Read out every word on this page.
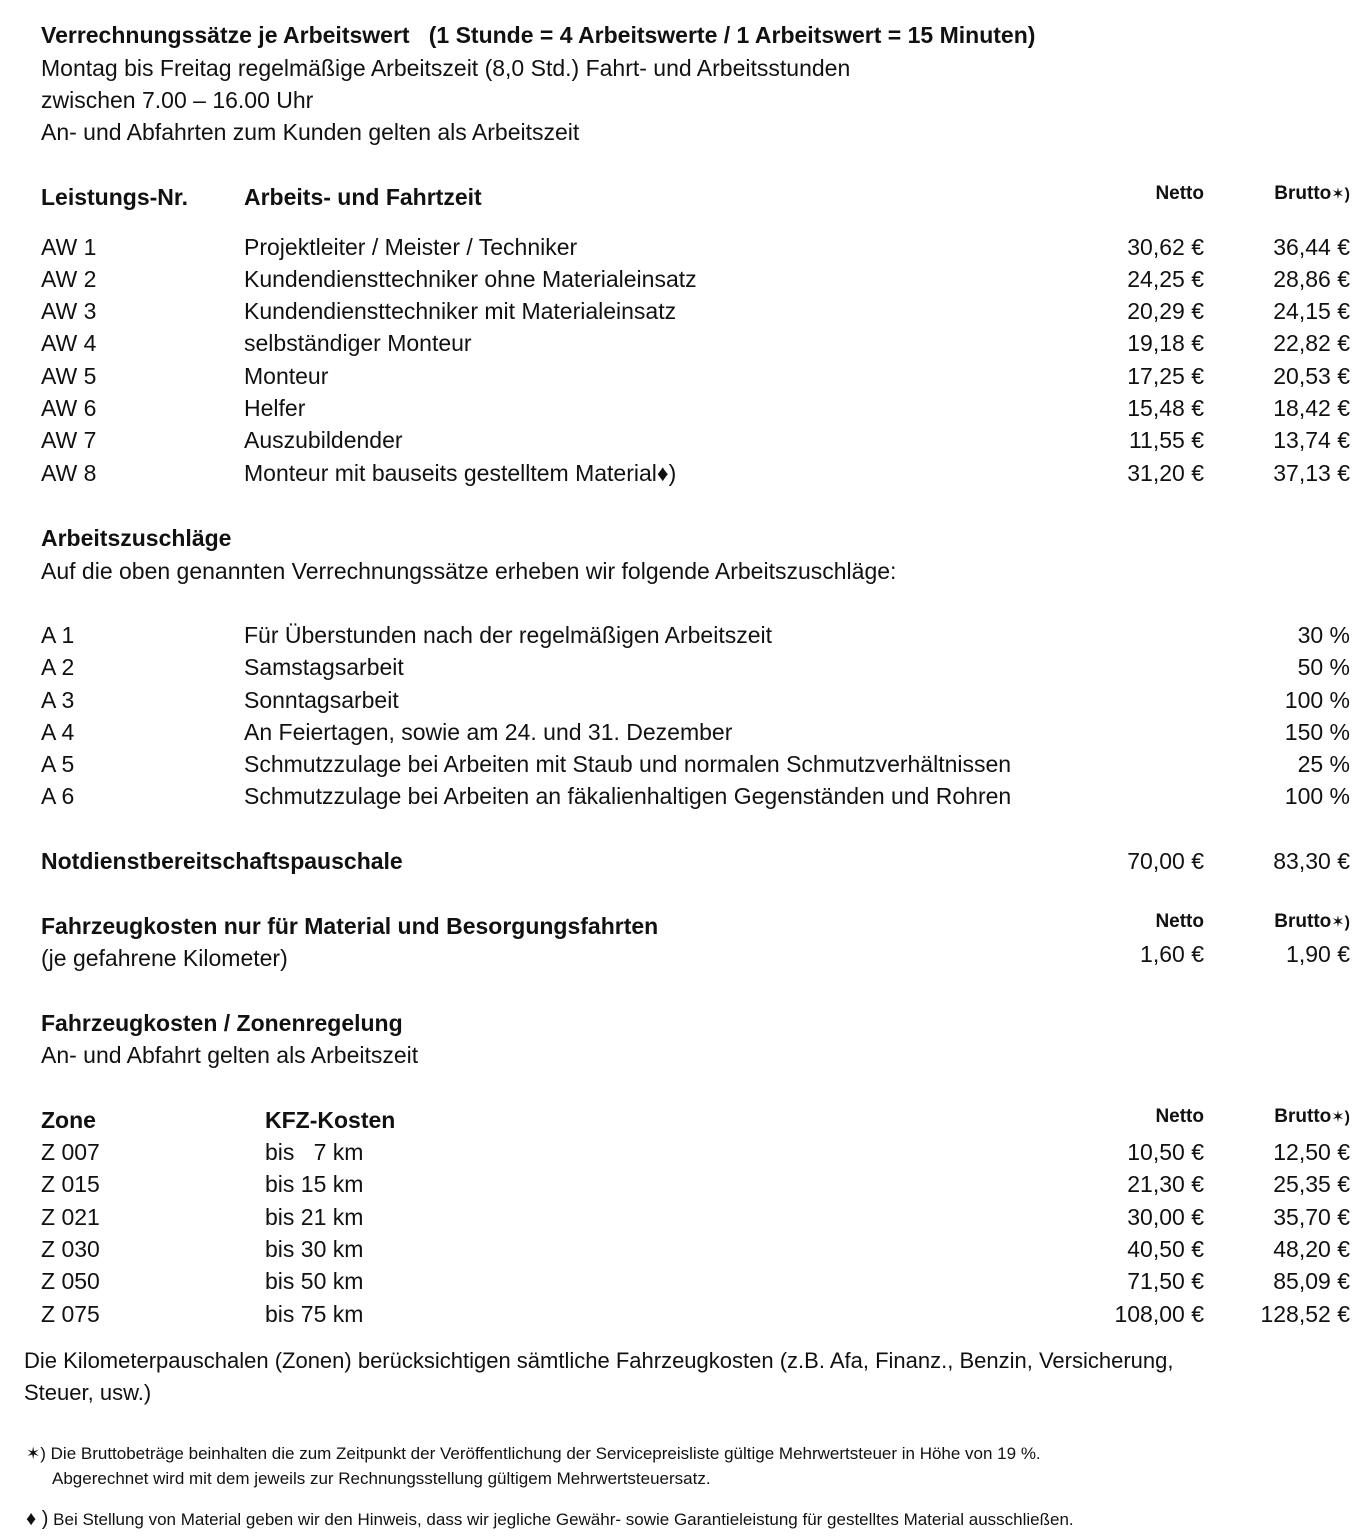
Verrechnungssätze je Arbeitswert (1 Stunde = 4 Arbeitswerte / 1 Arbeitswert = 15 Minuten)
Montag bis Freitag regelmäßige Arbeitszeit (8,0 Std.) Fahrt- und Arbeitsstunden
zwischen 7.00 – 16.00 Uhr
An- und Abfahrten zum Kunden gelten als Arbeitszeit
Leistungs-Nr. Arbeits- und Fahrtzeit	Netto	Brutto✶)
AW 1	Projektleiter / Meister / Techniker	30,62 €	36,44 €
AW 2	Kundendiensttechniker ohne Materialeinsatz	24,25 €	28,86 €
AW 3	Kundendiensttechniker mit Materialeinsatz	20,29 €	24,15 €
AW 4	selbständiger Monteur	19,18 €	22,82 €
AW 5	Monteur	17,25 €	20,53 €
AW 6	Helfer	15,48 €	18,42 €
AW 7	Auszubildender	11,55 €	13,74 €
AW 8	Monteur mit bauseits gestelltem Material♦)	31,20 €	37,13 €
Arbeitszuschläge
Auf die oben genannten Verrechnungssätze erheben wir folgende Arbeitszuschläge:
A 1	Für Überstunden nach der regelmäßigen Arbeitszeit	30 %
A 2	Samstagsarbeit	50 %
A 3	Sonntagsarbeit	100 %
A 4	An Feiertagen, sowie am 24. und 31. Dezember	150 %
A 5	Schmutzzulage bei Arbeiten mit Staub und normalen Schmutzverhältnissen	25 %
A 6	Schmutzzulage bei Arbeiten an fäkalienhaltigen Gegenständen und Rohren	100 %
Notdienstbereitschaftspauschale	70,00 €	83,30 €
Fahrzeugkosten nur für Material und Besorgungsfahrten	Netto	Brutto✶)
(je gefahrene Kilometer)	1,60 €	1,90 €
Fahrzeugkosten / Zonenregelung
An- und Abfahrt gelten als Arbeitszeit
Zone	KFZ-Kosten	Netto	Brutto✶)
Z 007	bis   7 km	10,50 €	12,50 €
Z 015	bis 15 km	21,30 €	25,35 €
Z 021	bis 21 km	30,00 €	35,70 €
Z 030	bis 30 km	40,50 €	48,20 €
Z 050	bis 50 km	71,50 €	85,09 €
Z 075	bis 75 km	108,00 €	128,52 €
Die Kilometerpauschalen (Zonen) berücksichtigen sämtliche Fahrzeugkosten (z.B. Afa, Finanz., Benzin, Versicherung,
Steuer, usw.)
✶) Die Bruttobeträge beinhalten die zum Zeitpunkt der Veröffentlichung der Servicepreisliste gültige Mehrwertsteuer in Höhe von 19 %.
Abgerechnet wird mit dem jeweils zur Rechnungsstellung gültigem Mehrwertsteuersatz.
♦ ) Bei Stellung von Material geben wir den Hinweis, dass wir jegliche Gewähr- sowie Garantieleistung für gestelltes Material ausschließen.
